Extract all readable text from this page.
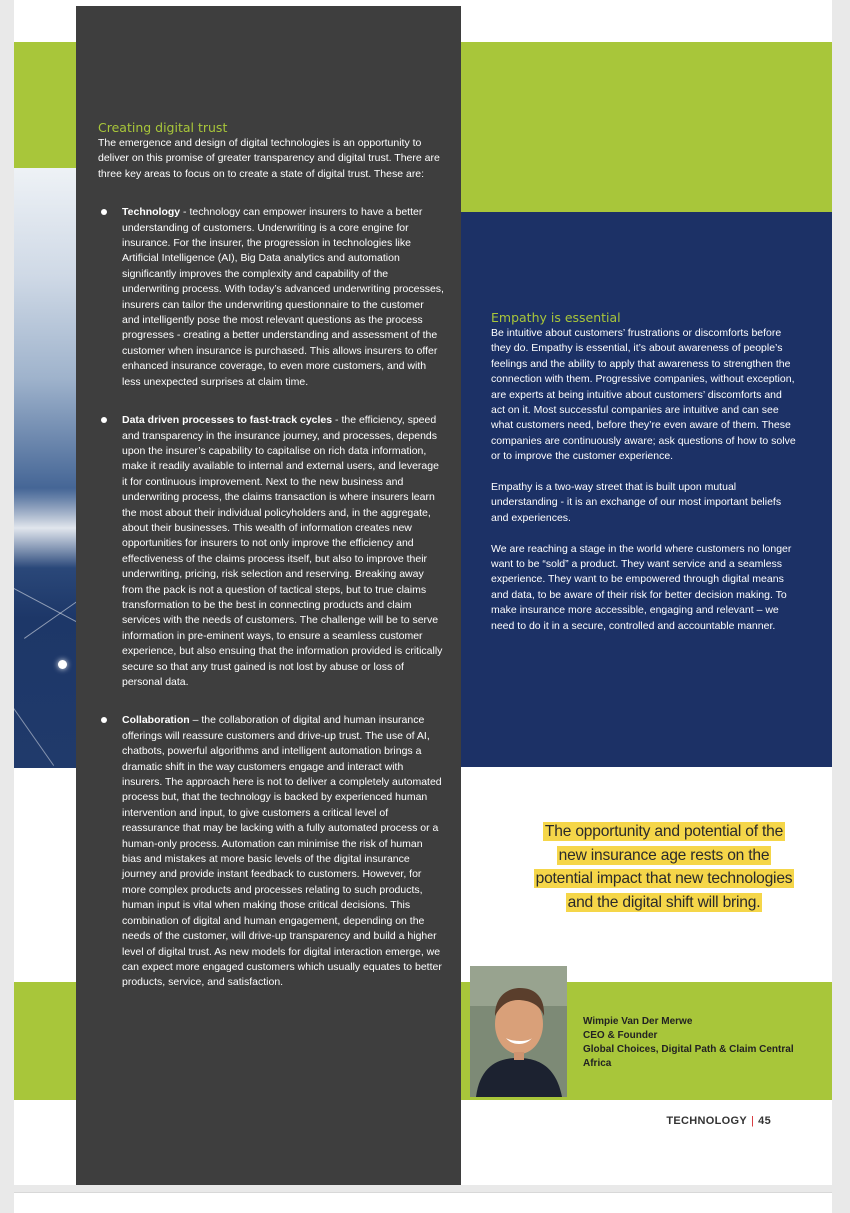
Creating digital trust

The emergence and design of digital technologies is an opportunity to deliver on this promise of greater transparency and digital trust. There are three key areas to focus on to create a state of digital trust. These are:

Technology - technology can empower insurers to have a better understanding of customers. Underwriting is a core engine for insurance. For the insurer, the progression in technologies like Artificial Intelligence (AI), Big Data analytics and automation significantly improves the complexity and capability of the underwriting process. With today’s advanced underwriting processes, insurers can tailor the underwriting questionnaire to the customer and intelligently pose the most relevant questions as the process progresses - creating a better understanding and assessment of the customer when insurance is purchased. This allows insurers to offer enhanced insurance coverage, to even more customers, and with less unexpected surprises at claim time.
Data driven processes to fast-track cycles - the efficiency, speed and transparency in the insurance journey, and processes, depends upon the insurer’s capability to capitalise on rich data information, make it readily available to internal and external users, and leverage it for continuous improvement. Next to the new business and underwriting process, the claims transaction is where insurers learn the most about their individual policyholders and, in the aggregate, about their businesses. This wealth of information creates new opportunities for insurers to not only improve the efficiency and effectiveness of the claims process itself, but also to improve their underwriting, pricing, risk selection and reserving. Breaking away from the pack is not a question of tactical steps, but to true claims transformation to be the best in connecting products and claim services with the needs of customers. The challenge will be to serve information in pre-eminent ways, to ensure a seamless customer experience, but also ensuing that the information provided is critically secure so that any trust gained is not lost by abuse or loss of personal data.
Collaboration – the collaboration of digital and human insurance offerings will reassure customers and drive-up trust. The use of AI, chatbots, powerful algorithms and intelligent automation brings a dramatic shift in the way customers engage and interact with insurers. The approach here is not to deliver a completely automated process but, that the technology is backed by experienced human intervention and input, to give customers a critical level of reassurance that may be lacking with a fully automated process or a human-only process. Automation can minimise the risk of human bias and mistakes at more basic levels of the digital insurance journey and provide instant feedback to customers. However, for more complex products and processes relating to such products, human input is vital when making those critical decisions. This combination of digital and human engagement, depending on the needs of the customer, will drive-up transparency and build a higher level of digital trust. As new models for digital interaction emerge, we can expect more engaged customers which usually equates to better products, service, and satisfaction.
Empathy is essential

Be intuitive about customers’ frustrations or discomforts before they do. Empathy is essential, it’s about awareness of people’s feelings and the ability to apply that awareness to strengthen the connection with them. Progressive companies, without exception, are experts at being intuitive about customers’ discomforts and act on it. Most successful companies are intuitive and can see what customers need, before they’re even aware of them. These companies are continuously aware; ask questions of how to solve or to improve the customer experience.

Empathy is a two-way street that is built upon mutual understanding - it is an exchange of our most important beliefs and experiences.

We are reaching a stage in the world where customers no longer want to be “sold” a product. They want service and a seamless experience. They want to be empowered through digital means and data, to be aware of their risk for better decision making. To make insurance more accessible, engaging and relevant – we need to do it in a secure, controlled and accountable manner.

The opportunity and potential of the new insurance age rests on the potential impact that new technologies and the digital shift will bring.
Wimpie Van Der Merwe
CEO & Founder
Global Choices, Digital Path & Claim Central Africa
TECHNOLOGY | 45
